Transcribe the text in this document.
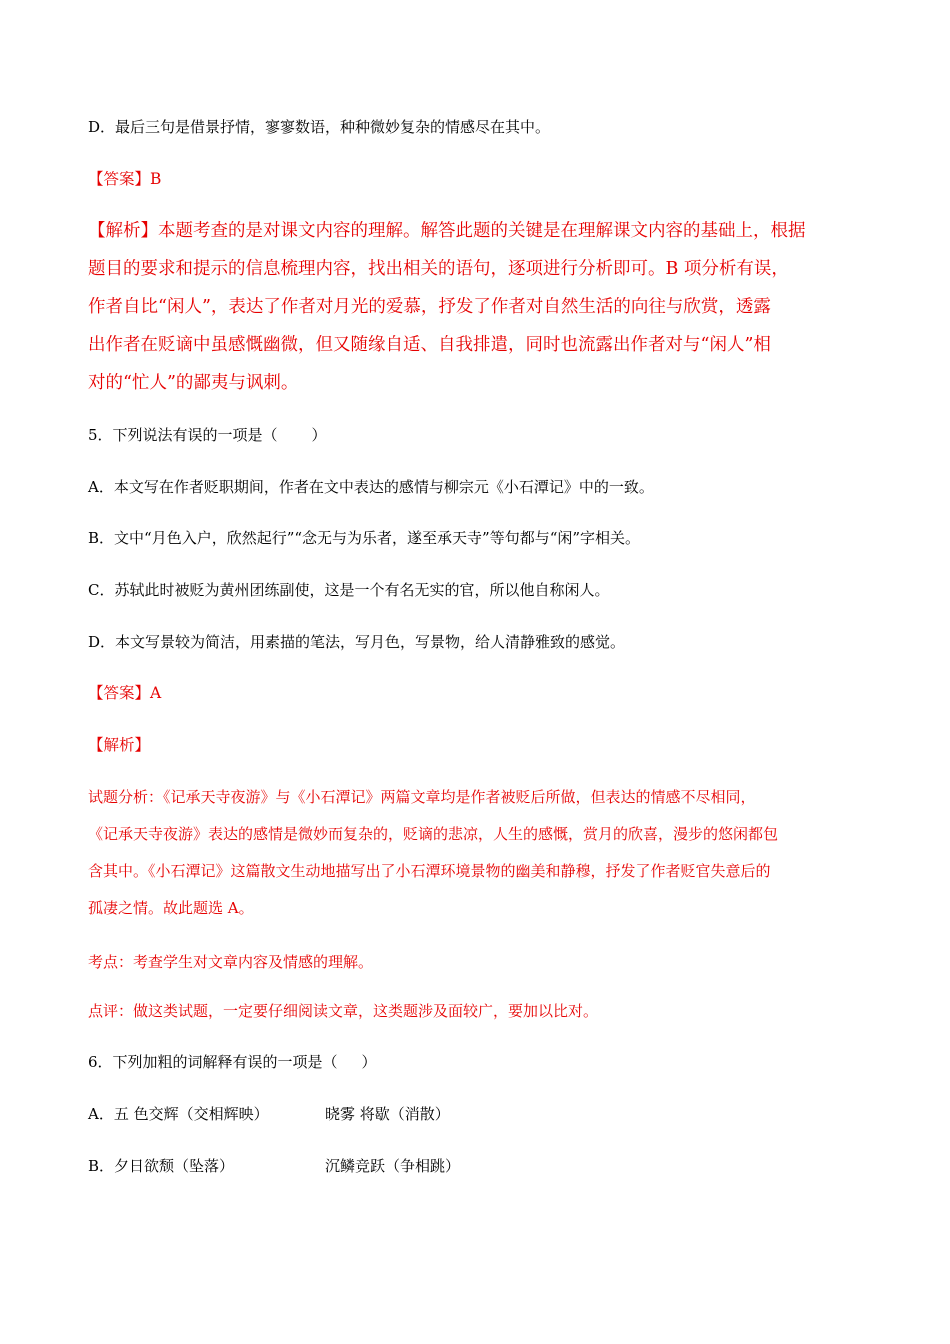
D．最后三句是借景抒情，寥寥数语，种种微妙复杂的情感尽在其中。
【答案】B
【解析】本题考查的是对课文内容的理解。解答此题的关键是在理解课文内容的基础上，根据
题目的要求和提示的信息梳理内容，找出相关的语句，逐项进行分析即可。B 项分析有误，
作者自比“闲人”，表达了作者对月光的爱慕，抒发了作者对自然生活的向往与欣赏，透露
出作者在贬谪中虽感慨幽微，但又随缘自适、自我排遣，同时也流露出作者对与“闲人”相
对的“忙人”的鄙夷与讽刺。
5．下列说法有误的一项是（ ）
A．本文写在作者贬职期间，作者在文中表达的感情与柳宗元《小石潭记》中的一致。
B．文中“月色入户，欣然起行”“念无与为乐者，遂至承天寺”等句都与“闲”字相关。
C．苏轼此时被贬为黄州团练副使，这是一个有名无实的官，所以他自称闲人。
D．本文写景较为简洁，用素描的笔法，写月色，写景物，给人清静雅致的感觉。
【答案】A
【解析】
试题分析：《记承天寺夜游》与《小石潭记》两篇文章均是作者被贬后所做，但表达的情感不尽相同，
《记承天寺夜游》表达的感情是微妙而复杂的，贬谪的悲凉，人生的感慨，赏月的欣喜，漫步的悠闲都包
含其中。《小石潭记》这篇散文生动地描写出了小石潭环境景物的幽美和静穆，抒发了作者贬官失意后的
孤凄之情。故此题选 A。
考点：考查学生对文章内容及情感的理解。
点评：做这类试题，一定要仔细阅读文章，这类题涉及面较广，要加以比对。
6．下列加粗的词解释有误的一项是（ ）
A．五 色交辉（交相辉映）	晓雾 将歇（消散）
B．夕日欲颓（坠落）	沉鳞竞跃（争相跳）
